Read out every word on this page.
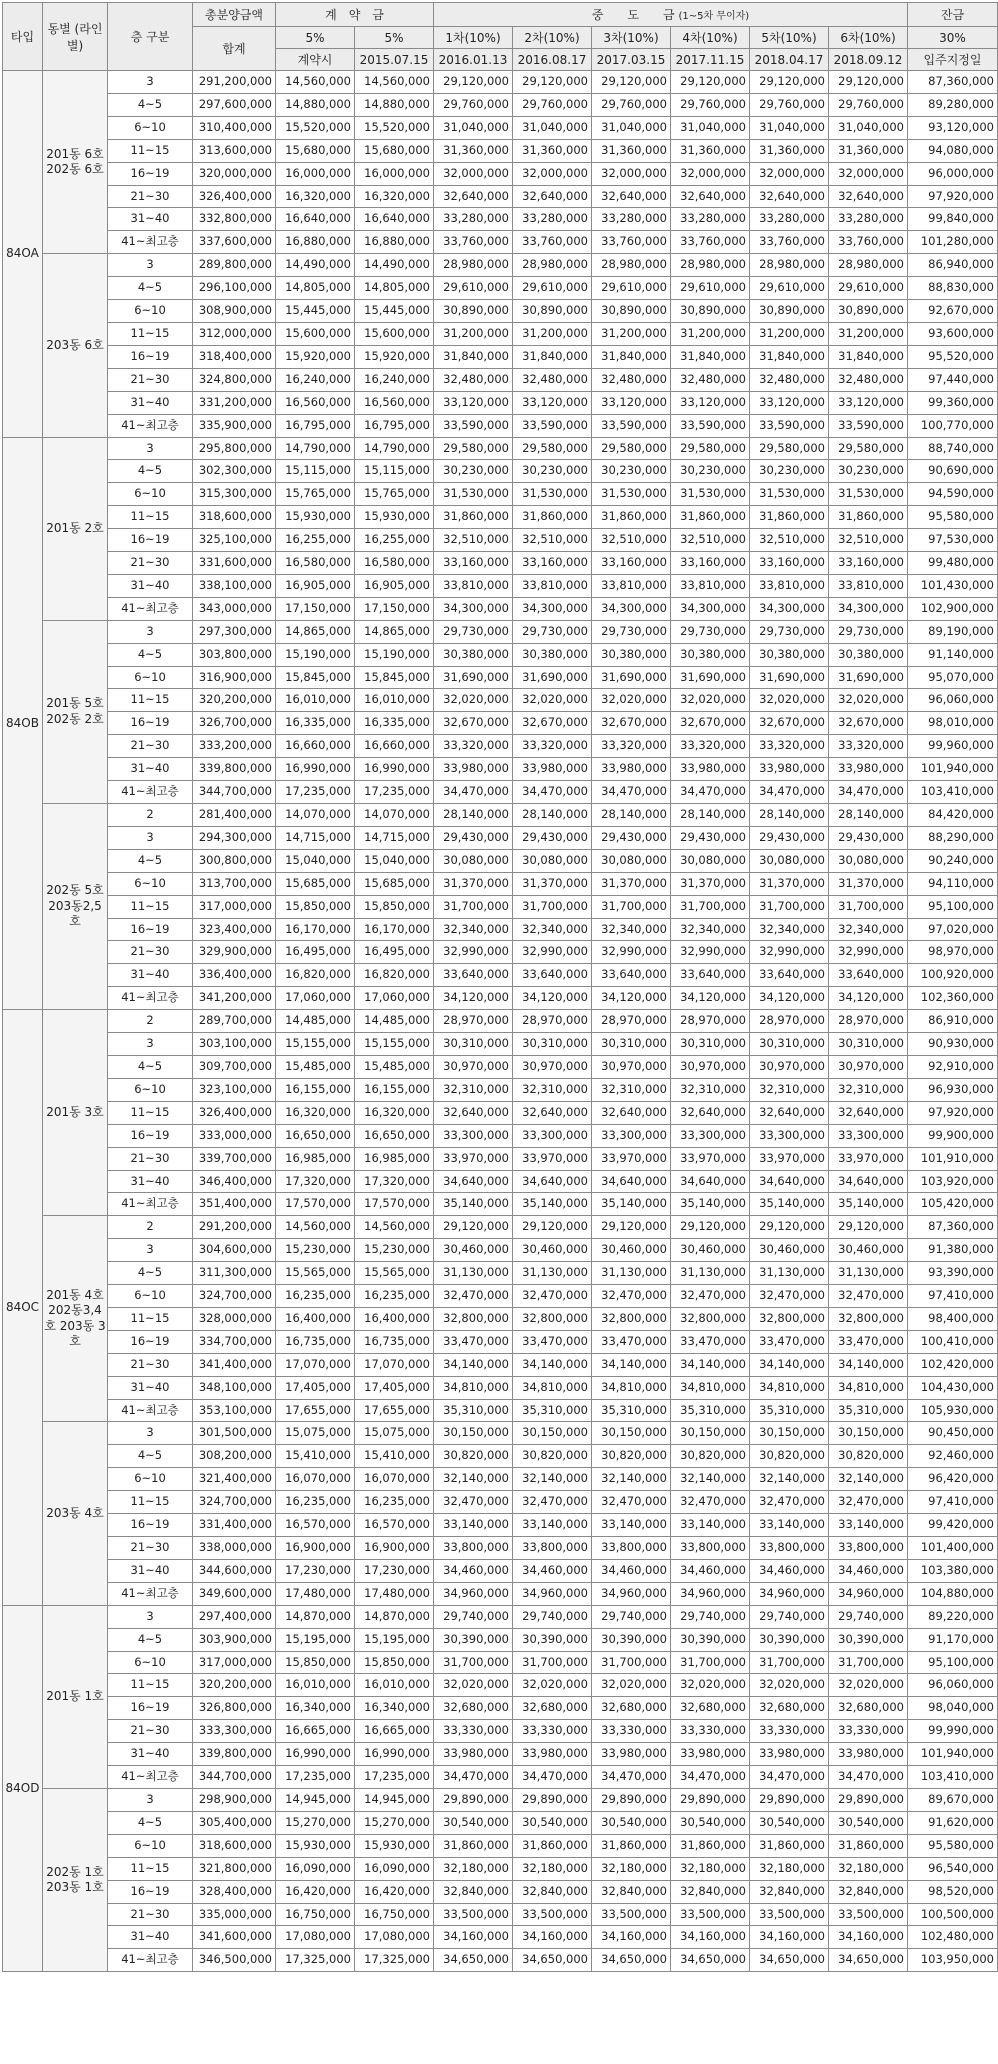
타입	동별 (라인별)	층 구분	총분양금액	계　약　금		중　　도　　금 (1~5차 무이자)						잔금
			합계	5%	5%	1차(10%)	2차(10%)	3차(10%)	4차(10%)	5차(10%)	6차(10%)	30%
				계약시	2015.07.15	2016.01.13	2016.08.17	2017.03.15	2017.11.15	2018.04.17	2018.09.12	입주지정일
84OA	201동 6호 202동 6호	3	291,200,000	14,560,000	14,560,000	29,120,000	29,120,000	29,120,000	29,120,000	29,120,000	29,120,000	87,360,000
		4~5	297,600,000	14,880,000	14,880,000	29,760,000	29,760,000	29,760,000	29,760,000	29,760,000	29,760,000	89,280,000
		6~10	310,400,000	15,520,000	15,520,000	31,040,000	31,040,000	31,040,000	31,040,000	31,040,000	31,040,000	93,120,000
		11~15	313,600,000	15,680,000	15,680,000	31,360,000	31,360,000	31,360,000	31,360,000	31,360,000	31,360,000	94,080,000
		16~19	320,000,000	16,000,000	16,000,000	32,000,000	32,000,000	32,000,000	32,000,000	32,000,000	32,000,000	96,000,000
		21~30	326,400,000	16,320,000	16,320,000	32,640,000	32,640,000	32,640,000	32,640,000	32,640,000	32,640,000	97,920,000
		31~40	332,800,000	16,640,000	16,640,000	33,280,000	33,280,000	33,280,000	33,280,000	33,280,000	33,280,000	99,840,000
		41~최고층	337,600,000	16,880,000	16,880,000	33,760,000	33,760,000	33,760,000	33,760,000	33,760,000	33,760,000	101,280,000
	203동 6호	3	289,800,000	14,490,000	14,490,000	28,980,000	28,980,000	28,980,000	28,980,000	28,980,000	28,980,000	86,940,000
		4~5	296,100,000	14,805,000	14,805,000	29,610,000	29,610,000	29,610,000	29,610,000	29,610,000	29,610,000	88,830,000
		6~10	308,900,000	15,445,000	15,445,000	30,890,000	30,890,000	30,890,000	30,890,000	30,890,000	30,890,000	92,670,000
		11~15	312,000,000	15,600,000	15,600,000	31,200,000	31,200,000	31,200,000	31,200,000	31,200,000	31,200,000	93,600,000
		16~19	318,400,000	15,920,000	15,920,000	31,840,000	31,840,000	31,840,000	31,840,000	31,840,000	31,840,000	95,520,000
		21~30	324,800,000	16,240,000	16,240,000	32,480,000	32,480,000	32,480,000	32,480,000	32,480,000	32,480,000	97,440,000
		31~40	331,200,000	16,560,000	16,560,000	33,120,000	33,120,000	33,120,000	33,120,000	33,120,000	33,120,000	99,360,000
		41~최고층	335,900,000	16,795,000	16,795,000	33,590,000	33,590,000	33,590,000	33,590,000	33,590,000	33,590,000	100,770,000
84OB	201동 2호	3	295,800,000	14,790,000	14,790,000	29,580,000	29,580,000	29,580,000	29,580,000	29,580,000	29,580,000	88,740,000
		4~5	302,300,000	15,115,000	15,115,000	30,230,000	30,230,000	30,230,000	30,230,000	30,230,000	30,230,000	90,690,000
		6~10	315,300,000	15,765,000	15,765,000	31,530,000	31,530,000	31,530,000	31,530,000	31,530,000	31,530,000	94,590,000
		11~15	318,600,000	15,930,000	15,930,000	31,860,000	31,860,000	31,860,000	31,860,000	31,860,000	31,860,000	95,580,000
		16~19	325,100,000	16,255,000	16,255,000	32,510,000	32,510,000	32,510,000	32,510,000	32,510,000	32,510,000	97,530,000
		21~30	331,600,000	16,580,000	16,580,000	33,160,000	33,160,000	33,160,000	33,160,000	33,160,000	33,160,000	99,480,000
		31~40	338,100,000	16,905,000	16,905,000	33,810,000	33,810,000	33,810,000	33,810,000	33,810,000	33,810,000	101,430,000
		41~최고층	343,000,000	17,150,000	17,150,000	34,300,000	34,300,000	34,300,000	34,300,000	34,300,000	34,300,000	102,900,000
	201동 5호 202동 2호	3	297,300,000	14,865,000	14,865,000	29,730,000	29,730,000	29,730,000	29,730,000	29,730,000	29,730,000	89,190,000
		4~5	303,800,000	15,190,000	15,190,000	30,380,000	30,380,000	30,380,000	30,380,000	30,380,000	30,380,000	91,140,000
		6~10	316,900,000	15,845,000	15,845,000	31,690,000	31,690,000	31,690,000	31,690,000	31,690,000	31,690,000	95,070,000
		11~15	320,200,000	16,010,000	16,010,000	32,020,000	32,020,000	32,020,000	32,020,000	32,020,000	32,020,000	96,060,000
		16~19	326,700,000	16,335,000	16,335,000	32,670,000	32,670,000	32,670,000	32,670,000	32,670,000	32,670,000	98,010,000
		21~30	333,200,000	16,660,000	16,660,000	33,320,000	33,320,000	33,320,000	33,320,000	33,320,000	33,320,000	99,960,000
		31~40	339,800,000	16,990,000	16,990,000	33,980,000	33,980,000	33,980,000	33,980,000	33,980,000	33,980,000	101,940,000
		41~최고층	344,700,000	17,235,000	17,235,000	34,470,000	34,470,000	34,470,000	34,470,000	34,470,000	34,470,000	103,410,000
	202동 5호 203동2,5호	2	281,400,000	14,070,000	14,070,000	28,140,000	28,140,000	28,140,000	28,140,000	28,140,000	28,140,000	84,420,000
		3	294,300,000	14,715,000	14,715,000	29,430,000	29,430,000	29,430,000	29,430,000	29,430,000	29,430,000	88,290,000
		4~5	300,800,000	15,040,000	15,040,000	30,080,000	30,080,000	30,080,000	30,080,000	30,080,000	30,080,000	90,240,000
		6~10	313,700,000	15,685,000	15,685,000	31,370,000	31,370,000	31,370,000	31,370,000	31,370,000	31,370,000	94,110,000
		11~15	317,000,000	15,850,000	15,850,000	31,700,000	31,700,000	31,700,000	31,700,000	31,700,000	31,700,000	95,100,000
		16~19	323,400,000	16,170,000	16,170,000	32,340,000	32,340,000	32,340,000	32,340,000	32,340,000	32,340,000	97,020,000
		21~30	329,900,000	16,495,000	16,495,000	32,990,000	32,990,000	32,990,000	32,990,000	32,990,000	32,990,000	98,970,000
		31~40	336,400,000	16,820,000	16,820,000	33,640,000	33,640,000	33,640,000	33,640,000	33,640,000	33,640,000	100,920,000
		41~최고층	341,200,000	17,060,000	17,060,000	34,120,000	34,120,000	34,120,000	34,120,000	34,120,000	34,120,000	102,360,000
84OC	201동 3호	2	289,700,000	14,485,000	14,485,000	28,970,000	28,970,000	28,970,000	28,970,000	28,970,000	28,970,000	86,910,000
		3	303,100,000	15,155,000	15,155,000	30,310,000	30,310,000	30,310,000	30,310,000	30,310,000	30,310,000	90,930,000
		4~5	309,700,000	15,485,000	15,485,000	30,970,000	30,970,000	30,970,000	30,970,000	30,970,000	30,970,000	92,910,000
		6~10	323,100,000	16,155,000	16,155,000	32,310,000	32,310,000	32,310,000	32,310,000	32,310,000	32,310,000	96,930,000
		11~15	326,400,000	16,320,000	16,320,000	32,640,000	32,640,000	32,640,000	32,640,000	32,640,000	32,640,000	97,920,000
		16~19	333,000,000	16,650,000	16,650,000	33,300,000	33,300,000	33,300,000	33,300,000	33,300,000	33,300,000	99,900,000
		21~30	339,700,000	16,985,000	16,985,000	33,970,000	33,970,000	33,970,000	33,970,000	33,970,000	33,970,000	101,910,000
		31~40	346,400,000	17,320,000	17,320,000	34,640,000	34,640,000	34,640,000	34,640,000	34,640,000	34,640,000	103,920,000
		41~최고층	351,400,000	17,570,000	17,570,000	35,140,000	35,140,000	35,140,000	35,140,000	35,140,000	35,140,000	105,420,000
	201동 4호 202동3,4호 203동 3호	2	291,200,000	14,560,000	14,560,000	29,120,000	29,120,000	29,120,000	29,120,000	29,120,000	29,120,000	87,360,000
		3	304,600,000	15,230,000	15,230,000	30,460,000	30,460,000	30,460,000	30,460,000	30,460,000	30,460,000	91,380,000
		4~5	311,300,000	15,565,000	15,565,000	31,130,000	31,130,000	31,130,000	31,130,000	31,130,000	31,130,000	93,390,000
		6~10	324,700,000	16,235,000	16,235,000	32,470,000	32,470,000	32,470,000	32,470,000	32,470,000	32,470,000	97,410,000
		11~15	328,000,000	16,400,000	16,400,000	32,800,000	32,800,000	32,800,000	32,800,000	32,800,000	32,800,000	98,400,000
		16~19	334,700,000	16,735,000	16,735,000	33,470,000	33,470,000	33,470,000	33,470,000	33,470,000	33,470,000	100,410,000
		21~30	341,400,000	17,070,000	17,070,000	34,140,000	34,140,000	34,140,000	34,140,000	34,140,000	34,140,000	102,420,000
		31~40	348,100,000	17,405,000	17,405,000	34,810,000	34,810,000	34,810,000	34,810,000	34,810,000	34,810,000	104,430,000
		41~최고층	353,100,000	17,655,000	17,655,000	35,310,000	35,310,000	35,310,000	35,310,000	35,310,000	35,310,000	105,930,000
	203동 4호	3	301,500,000	15,075,000	15,075,000	30,150,000	30,150,000	30,150,000	30,150,000	30,150,000	30,150,000	90,450,000
		4~5	308,200,000	15,410,000	15,410,000	30,820,000	30,820,000	30,820,000	30,820,000	30,820,000	30,820,000	92,460,000
		6~10	321,400,000	16,070,000	16,070,000	32,140,000	32,140,000	32,140,000	32,140,000	32,140,000	32,140,000	96,420,000
		11~15	324,700,000	16,235,000	16,235,000	32,470,000	32,470,000	32,470,000	32,470,000	32,470,000	32,470,000	97,410,000
		16~19	331,400,000	16,570,000	16,570,000	33,140,000	33,140,000	33,140,000	33,140,000	33,140,000	33,140,000	99,420,000
		21~30	338,000,000	16,900,000	16,900,000	33,800,000	33,800,000	33,800,000	33,800,000	33,800,000	33,800,000	101,400,000
		31~40	344,600,000	17,230,000	17,230,000	34,460,000	34,460,000	34,460,000	34,460,000	34,460,000	34,460,000	103,380,000
		41~최고층	349,600,000	17,480,000	17,480,000	34,960,000	34,960,000	34,960,000	34,960,000	34,960,000	34,960,000	104,880,000
84OD	201동 1호	3	297,400,000	14,870,000	14,870,000	29,740,000	29,740,000	29,740,000	29,740,000	29,740,000	29,740,000	89,220,000
		4~5	303,900,000	15,195,000	15,195,000	30,390,000	30,390,000	30,390,000	30,390,000	30,390,000	30,390,000	91,170,000
		6~10	317,000,000	15,850,000	15,850,000	31,700,000	31,700,000	31,700,000	31,700,000	31,700,000	31,700,000	95,100,000
		11~15	320,200,000	16,010,000	16,010,000	32,020,000	32,020,000	32,020,000	32,020,000	32,020,000	32,020,000	96,060,000
		16~19	326,800,000	16,340,000	16,340,000	32,680,000	32,680,000	32,680,000	32,680,000	32,680,000	32,680,000	98,040,000
		21~30	333,300,000	16,665,000	16,665,000	33,330,000	33,330,000	33,330,000	33,330,000	33,330,000	33,330,000	99,990,000
		31~40	339,800,000	16,990,000	16,990,000	33,980,000	33,980,000	33,980,000	33,980,000	33,980,000	33,980,000	101,940,000
		41~최고층	344,700,000	17,235,000	17,235,000	34,470,000	34,470,000	34,470,000	34,470,000	34,470,000	34,470,000	103,410,000
	202동 1호 203동 1호	3	298,900,000	14,945,000	14,945,000	29,890,000	29,890,000	29,890,000	29,890,000	29,890,000	29,890,000	89,670,000
		4~5	305,400,000	15,270,000	15,270,000	30,540,000	30,540,000	30,540,000	30,540,000	30,540,000	30,540,000	91,620,000
		6~10	318,600,000	15,930,000	15,930,000	31,860,000	31,860,000	31,860,000	31,860,000	31,860,000	31,860,000	95,580,000
		11~15	321,800,000	16,090,000	16,090,000	32,180,000	32,180,000	32,180,000	32,180,000	32,180,000	32,180,000	96,540,000
		16~19	328,400,000	16,420,000	16,420,000	32,840,000	32,840,000	32,840,000	32,840,000	32,840,000	32,840,000	98,520,000
		21~30	335,000,000	16,750,000	16,750,000	33,500,000	33,500,000	33,500,000	33,500,000	33,500,000	33,500,000	100,500,000
		31~40	341,600,000	17,080,000	17,080,000	34,160,000	34,160,000	34,160,000	34,160,000	34,160,000	34,160,000	102,480,000
		41~최고층	346,500,000	17,325,000	17,325,000	34,650,000	34,650,000	34,650,000	34,650,000	34,650,000	34,650,000	103,950,000
